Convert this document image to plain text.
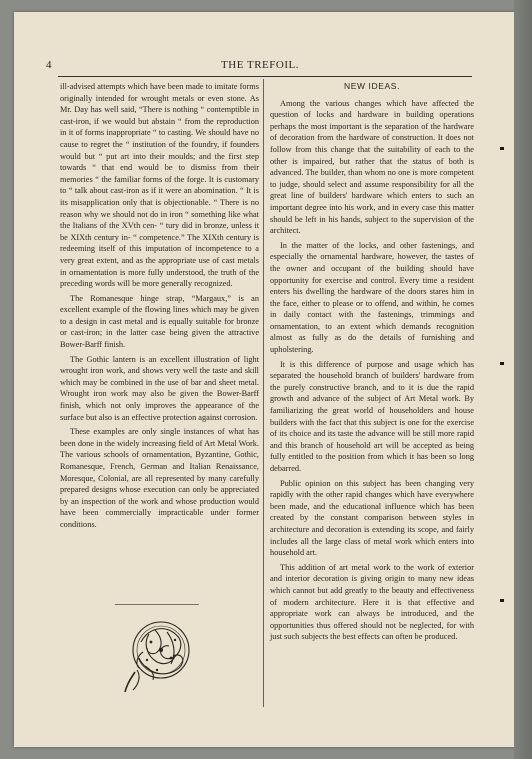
4	THE TREFOIL.

ill-advised attempts which have been made to imitate forms originally intended for wrought metals or even stone. As Mr. Day has well said, “There is nothing “ contemptible in cast-iron, if we would but abstain “ from the reproduction in it of forms inappropriate “ to casting. We should have no cause to regret the “ institution of the foundry, if founders would but “ put art into their moulds; and the first step towards “ that end would be to dismiss from their memories “ the familiar forms of the forge. It is customary to “ talk about cast-iron as if it were an abomination. “ It is its misapplication only that is objectionable. “ There is no reason why we should not do in iron “ something like what the Italians of the XVth cen- “ tury did in bronze, unless it be XIXth century in- “ competence.” The XIXth century is redeeming itself of this imputation of incompetence to a very great extent, and as the appropriate use of cast metals in ornamentation is more fully understood, the truth of the preceding words will be more generally recognized.

The Romanesque hinge strap, “Margaux,” is an excellent example of the flowing lines which may be given to a design in cast metal and is equally suitable for bronze or cast-iron; in the latter case being given the attractive Bower-Barff finish.

The Gothic lantern is an excellent illustration of light wrought iron work, and shows very well the taste and skill which may be combined in the use of bar and sheet metal. Wrought iron work may also be given the Bower-Barff finish, which not only improves the appearance of the surface but also is an effective protection against corrosion.

These examples are only single instances of what has been done in the widely increasing field of Art Metal Work. The various schools of ornamentation, Byzantine, Gothic, Romanesque, French, German and Italian Renaissance, Moresque, Colonial, are all represented by many carefully prepared designs whose execution can only be appreciated by an inspection of the work and whose production would have been commercially impracticable under former conditions.

NEW IDEAS.

Among the various changes which have affected the question of locks and hardware in building operations perhaps the most important is the separation of the hardware of decoration from the hardware of construction. It does not follow from this change that the suitability of each to the other is impaired, but rather that the status of both is advanced. The builder, than whom no one is more competent to judge, should select and assume responsibility for all the great line of builders' hardware which enters to such an important degree into his work, and in every case this matter should be left in his hands, subject to the supervision of the architect.

In the matter of the locks, and other fastenings, and especially the ornamental hardware, however, the tastes of the owner and occupant of the building should have opportunity for exercise and control. Every time a resident enters his dwelling the hardware of the doors stares him in the face, either to please or to offend, and within, he comes in daily contact with the fastenings, trimmings and ornamentation, to an extent which demands recognition almost as fully as do the details of furnishing and upholstering.

It is this difference of purpose and usage which has separated the household branch of builders' hardware from the purely constructive branch, and to it is due the rapid growth and advance of the subject of Art Metal work. By familiarizing the great world of householders and house builders with the fact that this subject is one for the exercise of its choice and its taste the advance will be still more rapid and this branch of household art will be accepted as being fully entitled to the position from which it has been so long debarred.

Public opinion on this subject has been changing very rapidly with the other rapid changes which have everywhere been made, and the educational influence which has been created by the constant comparison between styles in architecture and decoration is extending its scope, and fairly includes all the large class of metal work which enters into household art.

This addition of art metal work to the work of exterior and interior decoration is giving origin to many new ideas which cannot but add greatly to the beauty and effectiveness of modern architecture. Here it is that effective and appropriate work can always be introduced, and the opportunities thus offered should not be neglected, for with just such subjects the best effects can often be produced.
